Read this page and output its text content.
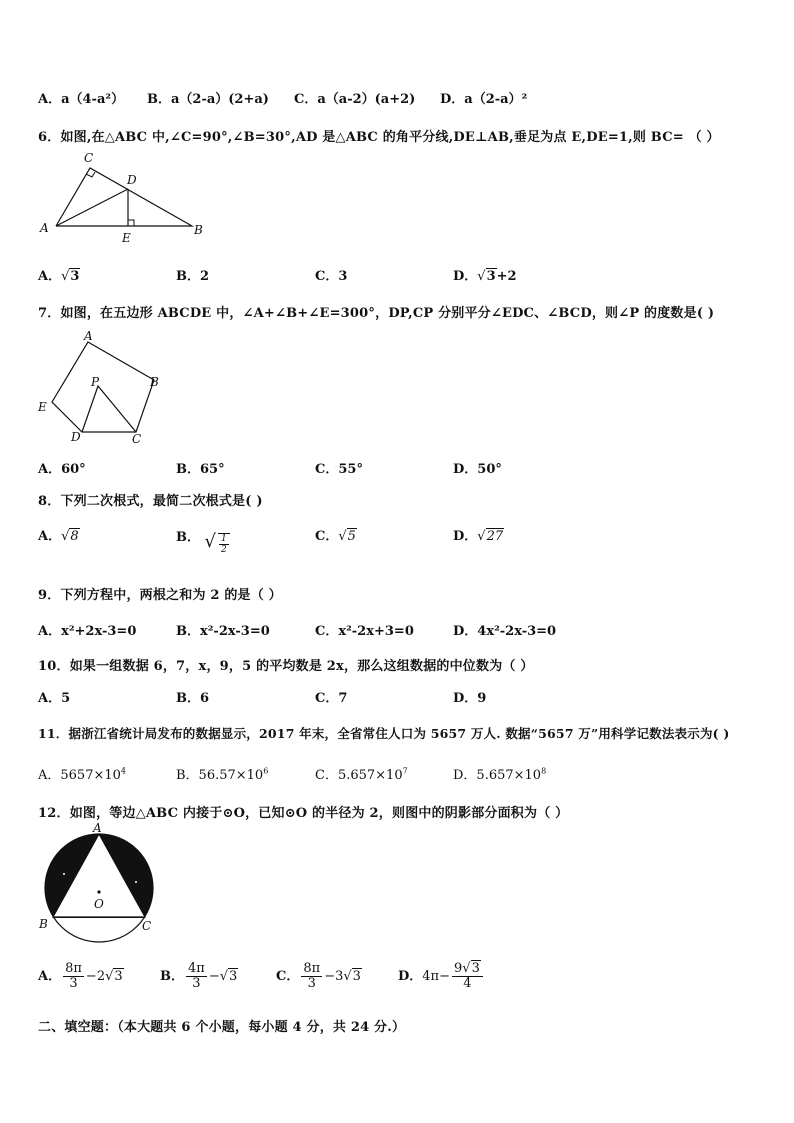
A．a（4-a²） B．a（2-a）(2+a) C．a（a-2）(a+2) D．a（2-a）²
6．如图,在△ABC 中,∠C=90°,∠B=30°,AD 是△ABC 的角平分线,DE⊥AB,垂足为点 E,DE=1,则 BC= （ ）
A
C
D
E
B
A．√3	B．2	C．3	D．√3+2
7．如图，在五边形 ABCDE 中，∠A+∠B+∠E=300°，DP,CP 分别平分∠EDC、∠BCD，则∠P 的度数是( )
A
B
C
D
E
P
A．60°	B．65°	C．55°	D．50°
8．下列二次根式，最简二次根式是( )
A．√8	B． √ $\frac{1}{2}$	C．√5	D．√27
9．下列方程中，两根之和为 2 的是（ ）
A．x²+2x-3=0	B．x²-2x-3=0	C．x²-2x+3=0	D．4x²-2x-3=0
10．如果一组数据 6，7，x，9，5 的平均数是 2x，那么这组数据的中位数为（ ）
A．5	B．6	C．7	D．9
11．据浙江省统计局发布的数据显示，2017 年末，全省常住人口为 5657 万人. 数据“5657 万”用科学记数法表示为( )
A．$5657\times 10^4$	B．$56.57\times 10^6$	C．$5.657\times 10^7$	D．$5.657\times 10^8$
12．如图，等边△ABC 内接于⊙O，已知⊙O 的半径为 2，则图中的阴影部分面积为（ ）
A
B	C
O
A． $\frac{8\pi}{3} -2√3$	B． $\frac{4\pi}{3} -√3$	C． $\frac{8\pi}{3} -3√3$	D．$4\pi- \frac{9√3}{4}$
二、填空题：（本大题共 6 个小题，每小题 4 分，共 24 分.）
